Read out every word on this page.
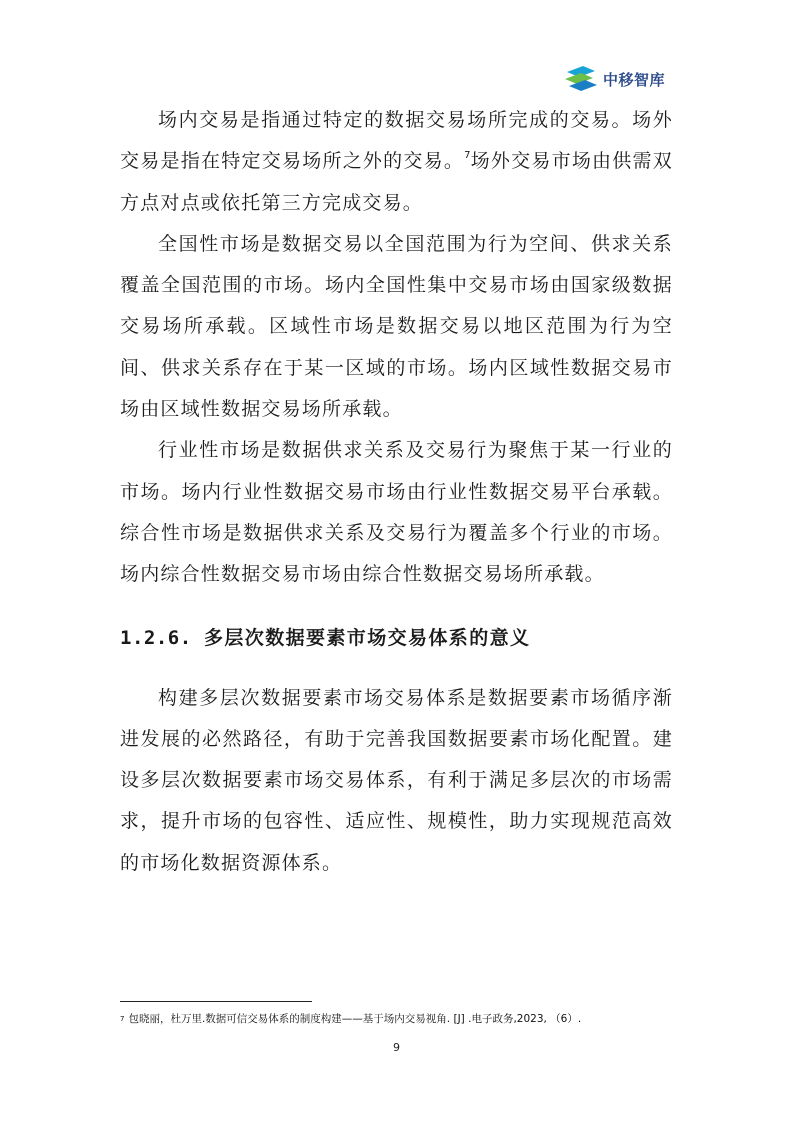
中移智库

场内交易是指通过特定的数据交易场所完成的交易。场外交易是指在特定交易场所之外的交易。$^7$场外交易市场由供需双方点对点或依托第三方完成交易。

全国性市场是数据交易以全国范围为行为空间、供求关系覆盖全国范围的市场。场内全国性集中交易市场由国家级数据交易场所承载。区域性市场是数据交易以地区范围为行为空间、供求关系存在于某一区域的市场。场内区域性数据交易市场由区域性数据交易场所承载。

行业性市场是数据供求关系及交易行为聚焦于某一行业的市场。场内行业性数据交易市场由行业性数据交易平台承载。综合性市场是数据供求关系及交易行为覆盖多个行业的市场。场内综合性数据交易市场由综合性数据交易场所承载。

1.2.6. 多层次数据要素市场交易体系的意义

构建多层次数据要素市场交易体系是数据要素市场循序渐进发展的必然路径，有助于完善我国数据要素市场化配置。建设多层次数据要素市场交易体系，有利于满足多层次的市场需求，提升市场的包容性、适应性、规模性，助力实现规范高效的市场化数据资源体系。

$^7$ 包晓丽，杜万里.数据可信交易体系的制度构建——基于场内交易视角. [J] .电子政务,2023, （6）.
9
